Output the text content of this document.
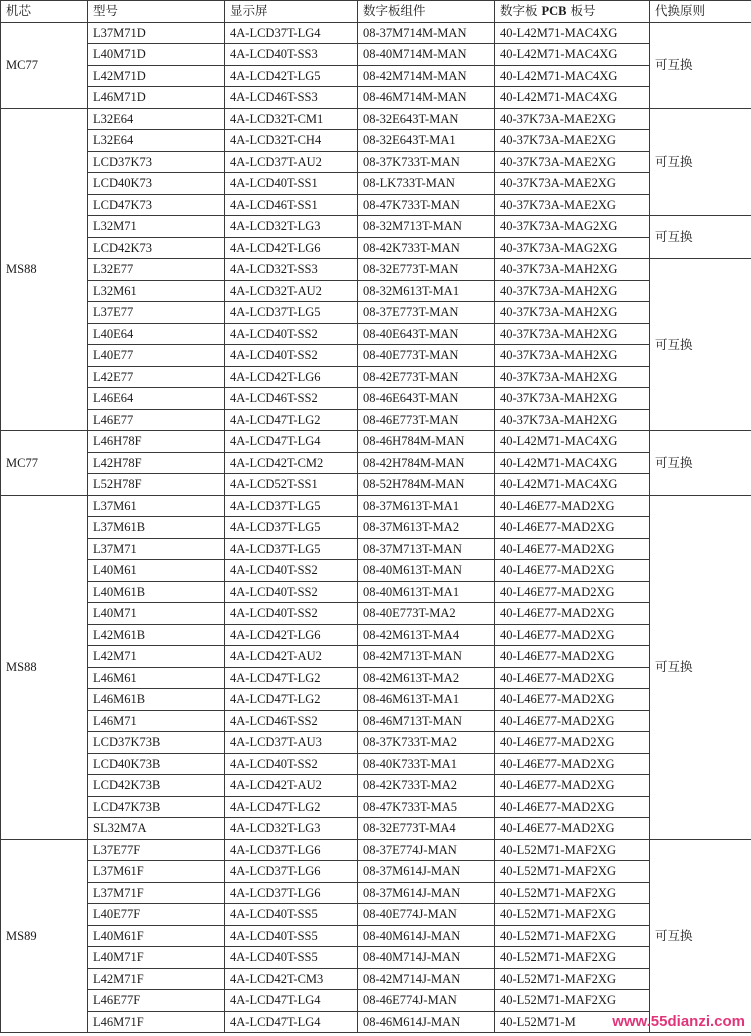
机芯	型号	显示屏	数字板组件	数字板 PCB 板号	代换原则
MC77	L37M71D	4A-LCD37T-LG4	08-37M714M-MAN	40-L42M71-MAC4XG	可互换
	L40M71D	4A-LCD40T-SS3	08-40M714M-MAN	40-L42M71-MAC4XG	
	L42M71D	4A-LCD42T-LG5	08-42M714M-MAN	40-L42M71-MAC4XG	
	L46M71D	4A-LCD46T-SS3	08-46M714M-MAN	40-L42M71-MAC4XG	
MS88	L32E64	4A-LCD32T-CM1	08-32E643T-MAN	40-37K73A-MAE2XG	可互换
	L32E64	4A-LCD32T-CH4	08-32E643T-MA1	40-37K73A-MAE2XG	
	LCD37K73	4A-LCD37T-AU2	08-37K733T-MAN	40-37K73A-MAE2XG	
	LCD40K73	4A-LCD40T-SS1	08-LK733T-MAN	40-37K73A-MAE2XG	
	LCD47K73	4A-LCD46T-SS1	08-47K733T-MAN	40-37K73A-MAE2XG	
	L32M71	4A-LCD32T-LG3	08-32M713T-MAN	40-37K73A-MAG2XG	可互换
	LCD42K73	4A-LCD42T-LG6	08-42K733T-MAN	40-37K73A-MAG2XG	
	L32E77	4A-LCD32T-SS3	08-32E773T-MAN	40-37K73A-MAH2XG	可互换
	L32M61	4A-LCD32T-AU2	08-32M613T-MA1	40-37K73A-MAH2XG	
	L37E77	4A-LCD37T-LG5	08-37E773T-MAN	40-37K73A-MAH2XG	
	L40E64	4A-LCD40T-SS2	08-40E643T-MAN	40-37K73A-MAH2XG	
	L40E77	4A-LCD40T-SS2	08-40E773T-MAN	40-37K73A-MAH2XG	
	L42E77	4A-LCD42T-LG6	08-42E773T-MAN	40-37K73A-MAH2XG	
	L46E64	4A-LCD46T-SS2	08-46E643T-MAN	40-37K73A-MAH2XG	
	L46E77	4A-LCD47T-LG2	08-46E773T-MAN	40-37K73A-MAH2XG	
MC77	L46H78F	4A-LCD47T-LG4	08-46H784M-MAN	40-L42M71-MAC4XG	可互换
	L42H78F	4A-LCD42T-CM2	08-42H784M-MAN	40-L42M71-MAC4XG	
	L52H78F	4A-LCD52T-SS1	08-52H784M-MAN	40-L42M71-MAC4XG	
MS88	L37M61	4A-LCD37T-LG5	08-37M613T-MA1	40-L46E77-MAD2XG	可互换
	L37M61B	4A-LCD37T-LG5	08-37M613T-MA2	40-L46E77-MAD2XG	
	L37M71	4A-LCD37T-LG5	08-37M713T-MAN	40-L46E77-MAD2XG	
	L40M61	4A-LCD40T-SS2	08-40M613T-MAN	40-L46E77-MAD2XG	
	L40M61B	4A-LCD40T-SS2	08-40M613T-MA1	40-L46E77-MAD2XG	
	L40M71	4A-LCD40T-SS2	08-40E773T-MA2	40-L46E77-MAD2XG	
	L42M61B	4A-LCD42T-LG6	08-42M613T-MA4	40-L46E77-MAD2XG	
	L42M71	4A-LCD42T-AU2	08-42M713T-MAN	40-L46E77-MAD2XG	
	L46M61	4A-LCD47T-LG2	08-42M613T-MA2	40-L46E77-MAD2XG	
	L46M61B	4A-LCD47T-LG2	08-46M613T-MA1	40-L46E77-MAD2XG	
	L46M71	4A-LCD46T-SS2	08-46M713T-MAN	40-L46E77-MAD2XG	
	LCD37K73B	4A-LCD37T-AU3	08-37K733T-MA2	40-L46E77-MAD2XG	
	LCD40K73B	4A-LCD40T-SS2	08-40K733T-MA1	40-L46E77-MAD2XG	
	LCD42K73B	4A-LCD42T-AU2	08-42K733T-MA2	40-L46E77-MAD2XG	
	LCD47K73B	4A-LCD47T-LG2	08-47K733T-MA5	40-L46E77-MAD2XG	
	SL32M7A	4A-LCD32T-LG3	08-32E773T-MA4	40-L46E77-MAD2XG	
MS89	L37E77F	4A-LCD37T-LG6	08-37E774J-MAN	40-L52M71-MAF2XG	可互换
	L37M61F	4A-LCD37T-LG6	08-37M614J-MAN	40-L52M71-MAF2XG	
	L37M71F	4A-LCD37T-LG6	08-37M614J-MAN	40-L52M71-MAF2XG	
	L40E77F	4A-LCD40T-SS5	08-40E774J-MAN	40-L52M71-MAF2XG	
	L40M61F	4A-LCD40T-SS5	08-40M614J-MAN	40-L52M71-MAF2XG	
	L40M71F	4A-LCD40T-SS5	08-40M714J-MAN	40-L52M71-MAF2XG	
	L42M71F	4A-LCD42T-CM3	08-42M714J-MAN	40-L52M71-MAF2XG	
	L46E77F	4A-LCD47T-LG4	08-46E774J-MAN	40-L52M71-MAF2XG	
	L46M71F	4A-LCD47T-LG4	08-46M614J-MAN	40-L52M71-M	www.55dianzi.com
